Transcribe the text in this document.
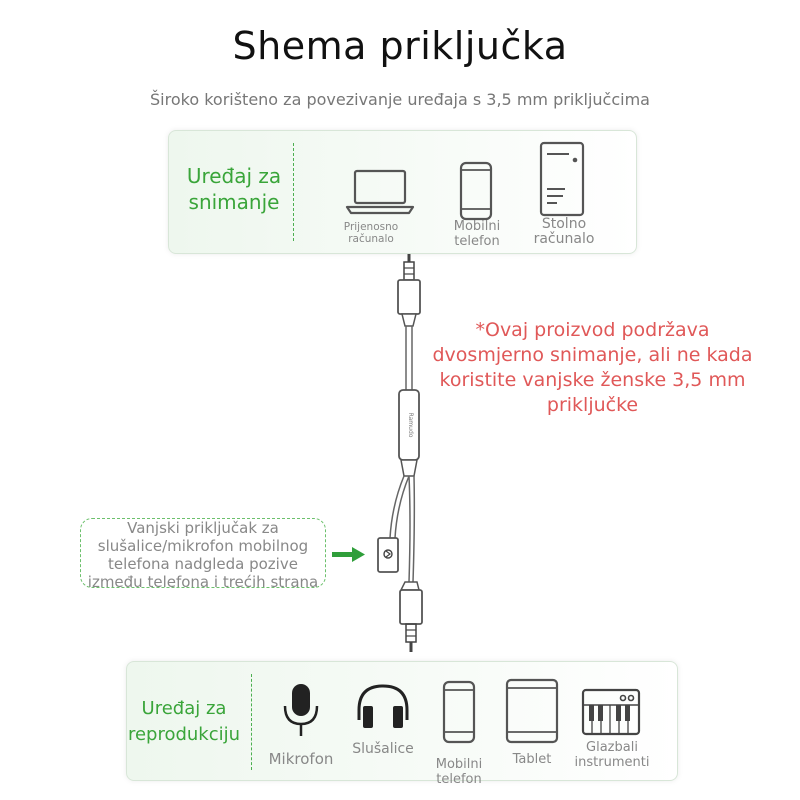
Shema priključka
Široko korišteno za povezivanje uređaja s 3,5 mm priključcima
Uređaj za snimanje
Prijenosno računalo
Mobilni telefon
Stolno računalo
Ramudo
*Ovaj proizvod podržava dvosmjerno snimanje, ali ne kada koristite vanjske ženske 3,5 mm priključke
Vanjski priključak za slušalice/mikrofon mobilnog telefona nadgleda pozive između telefona i trećih strana
Uređaj za reprodukciju
Mikrofon
Slušalice
Mobilni telefon
Tablet
Glazbali instrumenti
